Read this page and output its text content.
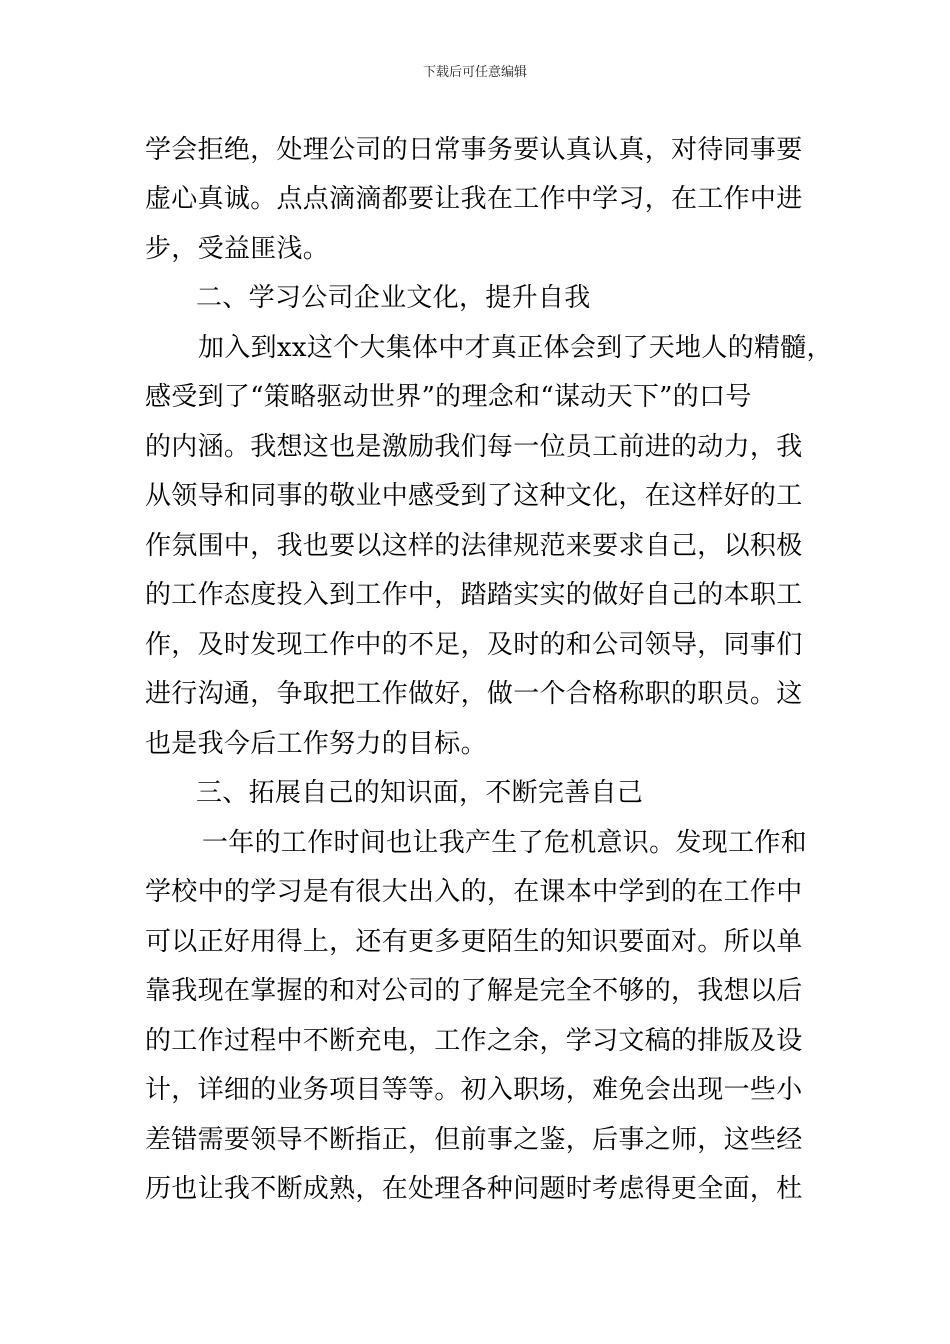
下载后可任意编辑
学会拒绝，处理公司的日常事务要认真认真，对待同事要
虚心真诚。点点滴滴都要让我在工作中学习，在工作中进
步，受益匪浅。
二、学习公司企业文化，提升自我
加入到xx这个大集体中才真正体会到了天地人的精髓，
感受到了“策略驱动世界”的理念和“谋动天下”的口号
的内涵。我想这也是激励我们每一位员工前进的动力，我
从领导和同事的敬业中感受到了这种文化，在这样好的工
作氛围中，我也要以这样的法律规范来要求自己，以积极
的工作态度投入到工作中，踏踏实实的做好自己的本职工
作，及时发现工作中的不足，及时的和公司领导，同事们
进行沟通，争取把工作做好，做一个合格称职的职员。这
也是我今后工作努力的目标。
三、拓展自己的知识面，不断完善自己
一年的工作时间也让我产生了危机意识。发现工作和
学校中的学习是有很大出入的，在课本中学到的在工作中
可以正好用得上，还有更多更陌生的知识要面对。所以单
靠我现在掌握的和对公司的了解是完全不够的，我想以后
的工作过程中不断充电，工作之余，学习文稿的排版及设
计，详细的业务项目等等。初入职场，难免会出现一些小
差错需要领导不断指正，但前事之鉴，后事之师，这些经
历也让我不断成熟，在处理各种问题时考虑得更全面，杜
